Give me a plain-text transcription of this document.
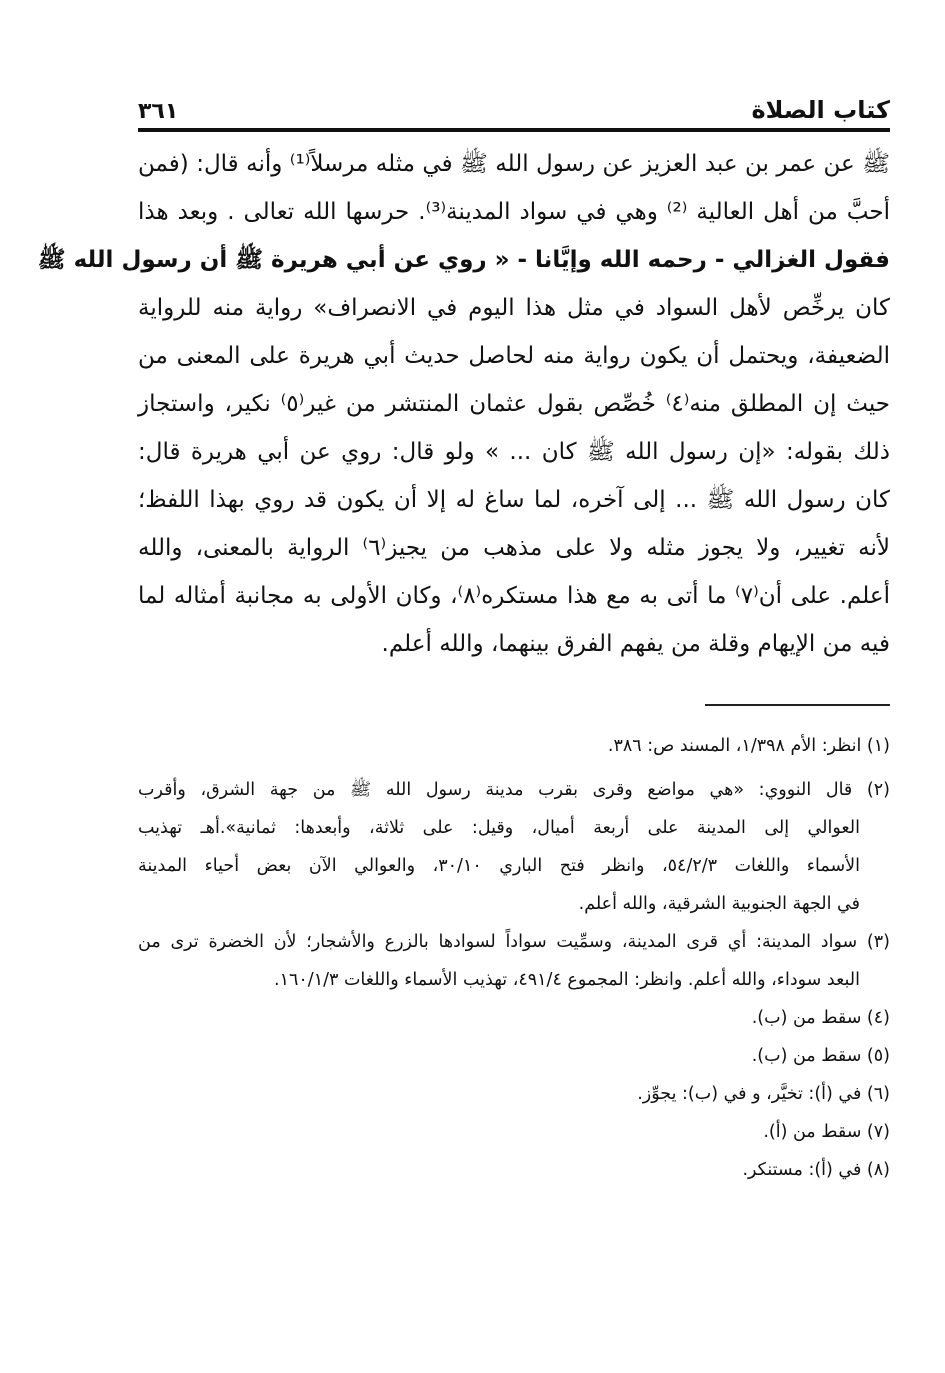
كتاب الصلاة
٣٦١
ﷺ عن عمر بن عبد العزيز عن رسول الله ﷺ في مثله مرسلاً⁽¹⁾ وأنه قال: (فمن
أحبَّ من أهل العالية ⁽²⁾ وهي في سواد المدينة⁽³⁾. حرسها الله تعالى . وبعد هذا
فقول الغزالي - رحمه الله وإيَّانا - « روي عن أبي هريرة ﷺ أن رسول الله ﷺ
كان يرخِّص لأهل السواد في مثل هذا اليوم في الانصراف» رواية منه للرواية
الضعيفة، ويحتمل أن يكون رواية منه لحاصل حديث أبي هريرة على المعنى من
حيث إن المطلق منه⁽٤⁾ خُصِّص بقول عثمان المنتشر من غير⁽٥⁾ نكير، واستجاز
ذلك بقوله: «إن رسول الله ﷺ كان ... » ولو قال: روي عن أبي هريرة قال:
كان رسول الله ﷺ ... إلى آخره، لما ساغ له إلا أن يكون قد روي بهذا اللفظ؛
لأنه تغيير، ولا يجوز مثله ولا على مذهب من يجيز⁽٦⁾ الرواية بالمعنى، والله
أعلم. على أن⁽٧⁾ ما أتى به مع هذا مستكره⁽٨⁾، وكان الأولى به مجانبة أمثاله لما
فيه من الإيهام وقلة من يفهم الفرق بينهما، والله أعلم.
(١) انظر: الأم ١/٣٩٨، المسند ص: ٣٨٦.
(٢) قال النووي: «هي مواضع وقرى بقرب مدينة رسول الله ﷺ من جهة الشرق، وأقرب
العوالي إلى المدينة على أربعة أميال، وقيل: على ثلاثة، وأبعدها: ثمانية».أهـ تهذيب
الأسماء واللغات ٥٤/٢/٣، وانظر فتح الباري ٣٠/١٠، والعوالي الآن بعض أحياء المدينة
في الجهة الجنوبية الشرقية، والله أعلم.
(٣) سواد المدينة: أي قرى المدينة، وسمِّيت سواداً لسوادها بالزرع والأشجار؛ لأن الخضرة ترى من
البعد سوداء، والله أعلم. وانظر: المجموع ٤٩١/٤، تهذيب الأسماء واللغات ١٦٠/١/٣.
(٤) سقط من (ب).
(٥) سقط من (ب).
(٦) في (أ): تخيَّر، و في (ب): يجوِّز.
(٧) سقط من (أ).
(٨) في (أ): مستنكر.
